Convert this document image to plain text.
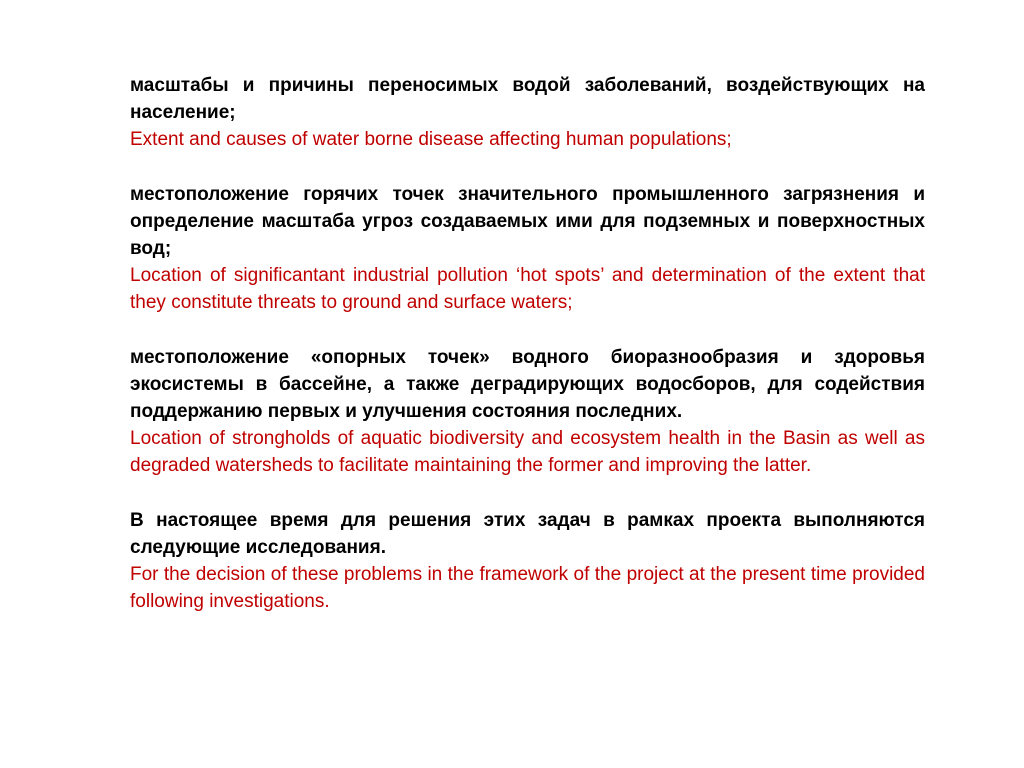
масштабы и причины переносимых водой заболеваний, воздействующих на население;

Extent and causes of water borne disease affecting human populations;

местоположение горячих точек значительного промышленного загрязнения и определение масштаба угроз создаваемых ими для подземных и поверхностных вод;

Location of significantant industrial pollution ‘hot spots’ and determination of the extent that they constitute threats to ground and surface waters;

местоположение «опорных точек» водного биоразнообразия и здоровья экосистемы в бассейне, а также деградирующих водосборов, для содействия поддержанию первых и улучшения состояния последних.

Location of strongholds of aquatic biodiversity and ecosystem health in the Basin as well as degraded watersheds to facilitate maintaining the former and improving the latter.

В настоящее время для решения этих задач в рамках проекта выполняются следующие исследования.

For the decision of these problems in the framework of the project at the present time provided following investigations.
